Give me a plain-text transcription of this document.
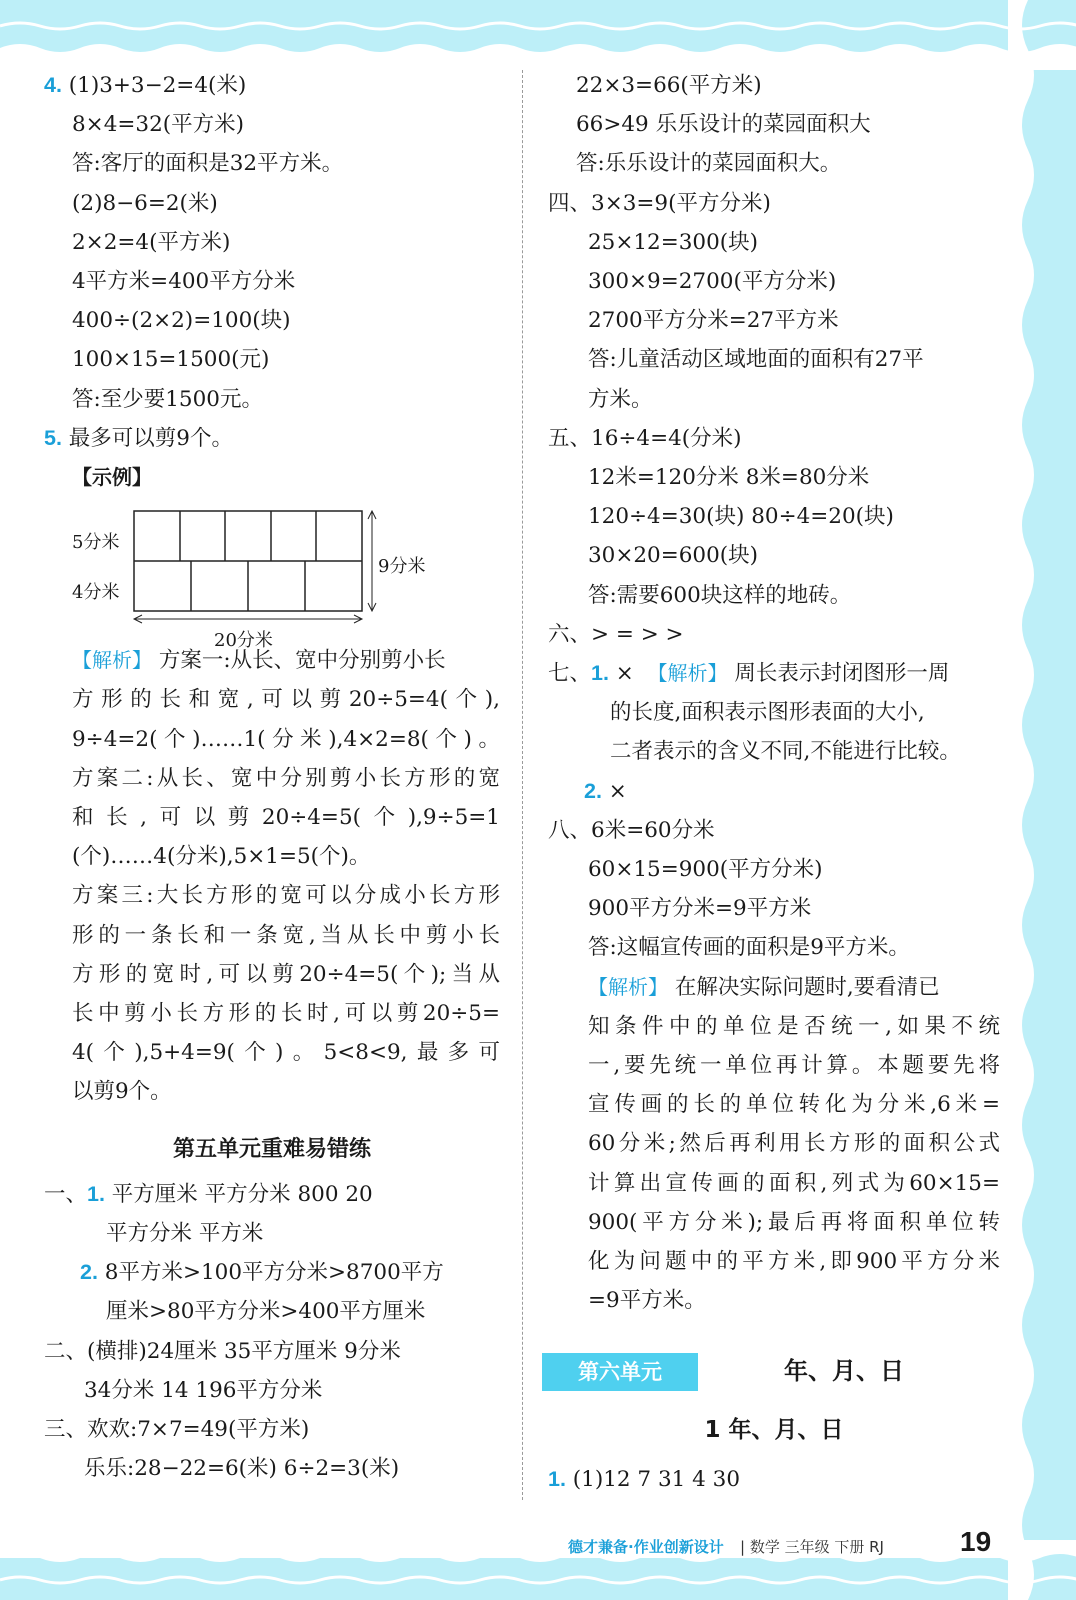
4. (1)3+3−2=4(米)
8×4=32(平方米)
答:客厅的面积是32平方米。
(2)8−6=2(米)
2×2=4(平方米)
4平方米=400平方分米
400÷(2×2)=100(块)
100×15=1500(元)
答:至少要1500元。
5. 最多可以剪9个。
【示例】
5分米
4分米
9分米
20分米
【解析】 方案一:从长、宽中分别剪小长
方形的长和宽,可以剪20÷5=4(个),
9÷4=2(个)……1(分米),4×2=8(个)。
方案二:从长、宽中分别剪小长方形的宽
和长,可以剪20÷4=5(个),9÷5=1
(个)……4(分米),5×1=5(个)。
方案三:大长方形的宽可以分成小长方形
形的一条长和一条宽,当从长中剪小长
方形的宽时,可以剪20÷4=5(个);当从
长中剪小长方形的长时,可以剪20÷5=
4(个),5+4=9(个)。5<8<9,最多可
以剪9个。
第五单元重难易错练
一、1. 平方厘米 平方分米 800 20
平方分米 平方米
2. 8平方米>100平方分米>8700平方
厘米>80平方分米>400平方厘米
二、(横排)24厘米 35平方厘米 9分米
34分米 14 196平方分米
三、欢欢:7×7=49(平方米)
乐乐:28−22=6(米) 6÷2=3(米)
22×3=66(平方米)
66>49 乐乐设计的菜园面积大
答:乐乐设计的菜园面积大。
四、3×3=9(平方分米)
25×12=300(块)
300×9=2700(平方分米)
2700平方分米=27平方米
答:儿童活动区域地面的面积有27平
方米。
五、16÷4=4(分米)
12米=120分米 8米=80分米
120÷4=30(块) 80÷4=20(块)
30×20=600(块)
答:需要600块这样的地砖。
六、> = > >
七、1. × 【解析】 周长表示封闭图形一周
的长度,面积表示图形表面的大小,
二者表示的含义不同,不能进行比较。
2. ×
八、6米=60分米
60×15=900(平方分米)
900平方分米=9平方米
答:这幅宣传画的面积是9平方米。
【解析】 在解决实际问题时,要看清已
知条件中的单位是否统一,如果不统
一,要先统一单位再计算。本题要先将
宣传画的长的单位转化为分米,6米=
60分米;然后再利用长方形的面积公式
计算出宣传画的面积,列式为60×15=
900(平方分米);最后再将面积单位转
化为问题中的平方米,即900平方分米
=9平方米。
第六单元	年、月、日
1 年、月、日
1. (1)12 7 31 4 30
德才兼备·作业创新设计 | 数学 三年级 下册 RJ	19
